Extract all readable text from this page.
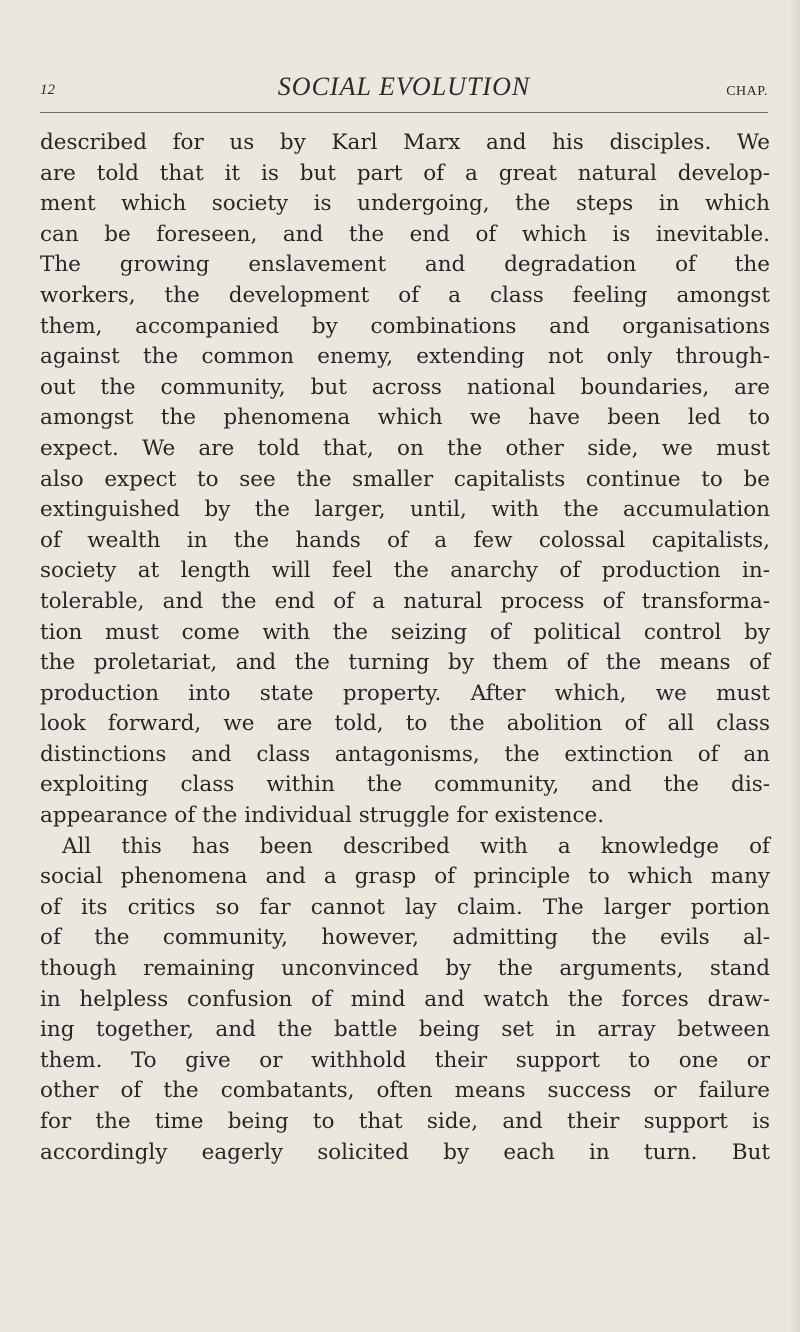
12	SOCIAL EVOLUTION	CHAP.
described for us by Karl Marx and his disciples. We
are told that it is but part of a great natural develop-
ment which society is undergoing, the steps in which
can be foreseen, and the end of which is inevitable.
The growing enslavement and degradation of the
workers, the development of a class feeling amongst
them, accompanied by combinations and organisations
against the common enemy, extending not only through-
out the community, but across national boundaries, are
amongst the phenomena which we have been led to
expect. We are told that, on the other side, we must
also expect to see the smaller capitalists continue to be
extinguished by the larger, until, with the accumulation
of wealth in the hands of a few colossal capitalists,
society at length will feel the anarchy of production in-
tolerable, and the end of a natural process of transforma-
tion must come with the seizing of political control by
the proletariat, and the turning by them of the means of
production into state property. After which, we must
look forward, we are told, to the abolition of all class
distinctions and class antagonisms, the extinction of an
exploiting class within the community, and the dis-
appearance of the individual struggle for existence.
All this has been described with a knowledge of
social phenomena and a grasp of principle to which many
of its critics so far cannot lay claim. The larger portion
of the community, however, admitting the evils al-
though remaining unconvinced by the arguments, stand
in helpless confusion of mind and watch the forces draw-
ing together, and the battle being set in array between
them. To give or withhold their support to one or
other of the combatants, often means success or failure
for the time being to that side, and their support is
accordingly eagerly solicited by each in turn. But
